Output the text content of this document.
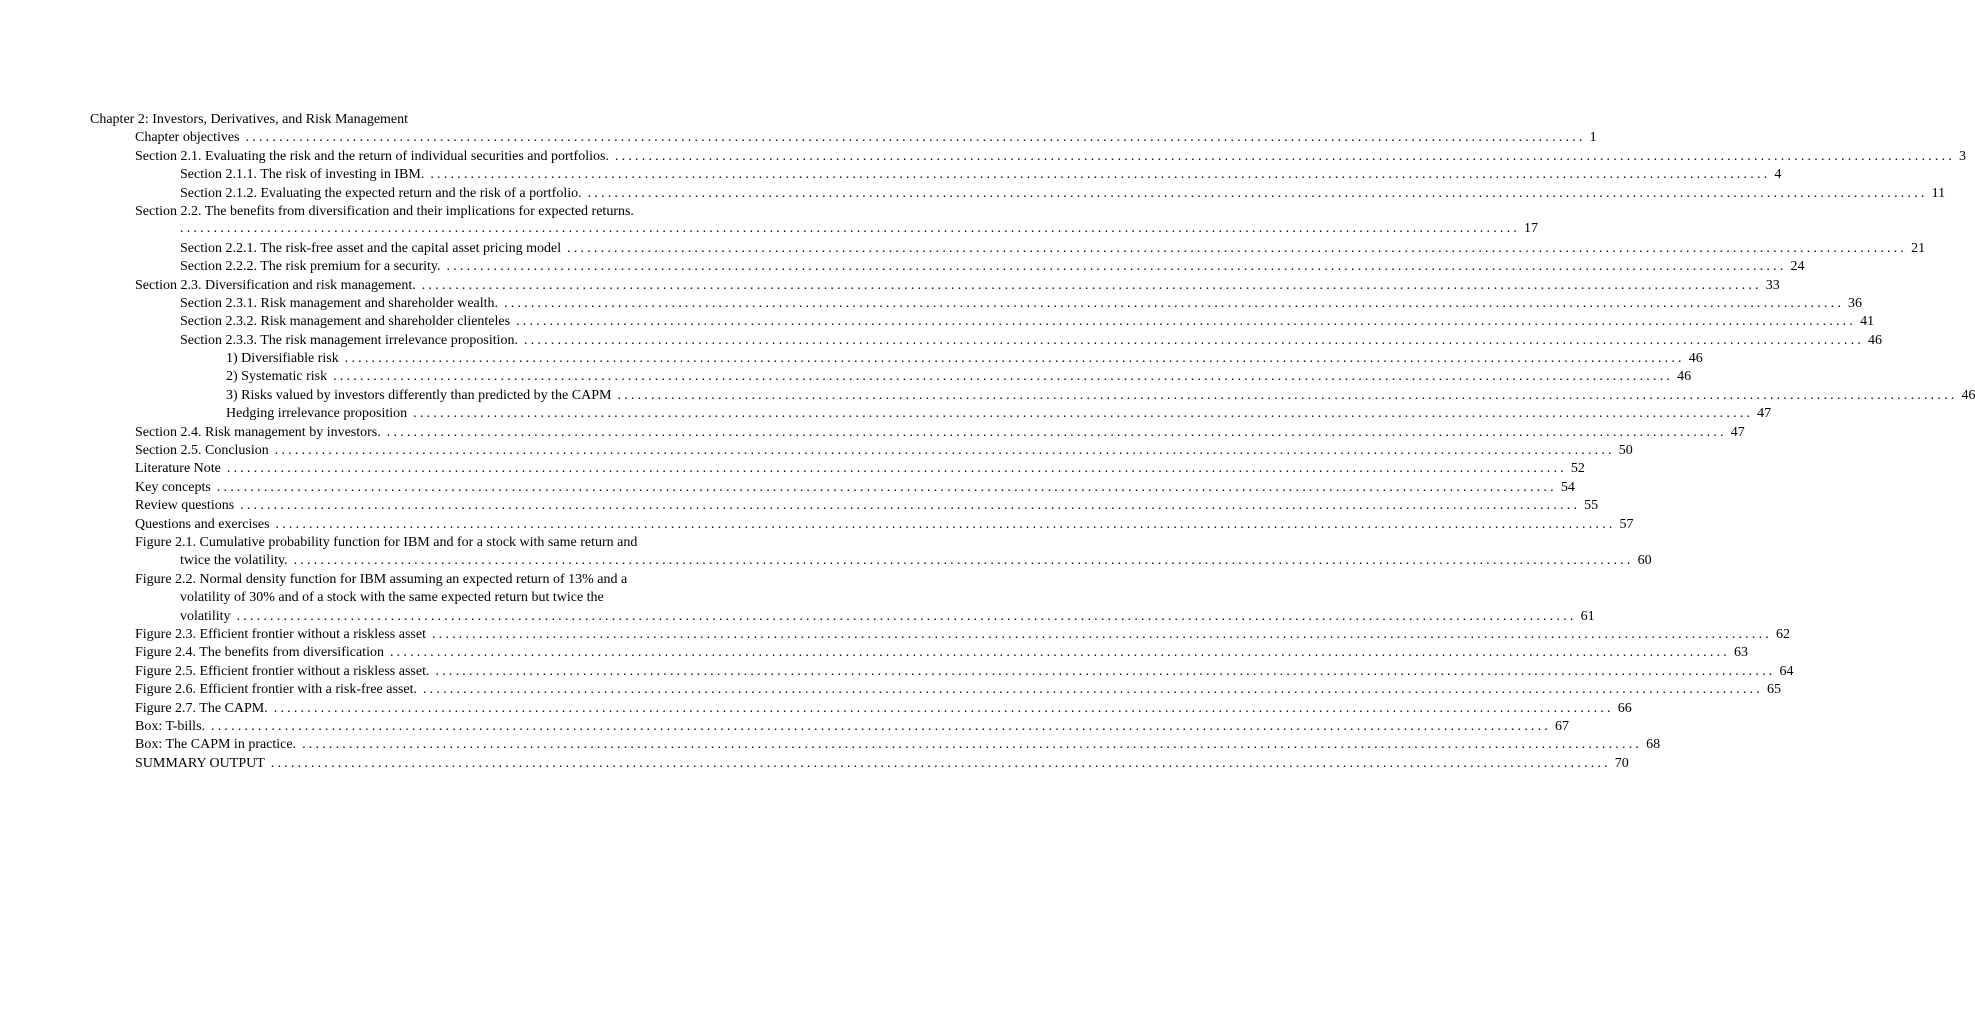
Chapter 2: Investors, Derivatives, and Risk Management
Chapter objectives ........................................................................................................................................................................................................ 1
Section 2.1. Evaluating the risk and the return of individual securities and portfolios. ........................................................................................................................................................................................................ 3
Section 2.1.1. The risk of investing in IBM. ........................................................................................................................................................................................................ 4
Section 2.1.2. Evaluating the expected return and the risk of a portfolio. ........................................................................................................................................................................................................ 11
Section 2.2. The benefits from diversification and their implications for expected returns.
........................................................................................................................................................................................................ 17
Section 2.2.1. The risk-free asset and the capital asset pricing model ........................................................................................................................................................................................................ 21
Section 2.2.2. The risk premium for a security. ........................................................................................................................................................................................................ 24
Section 2.3. Diversification and risk management. ........................................................................................................................................................................................................ 33
Section 2.3.1. Risk management and shareholder wealth. ........................................................................................................................................................................................................ 36
Section 2.3.2. Risk management and shareholder clienteles ........................................................................................................................................................................................................ 41
Section 2.3.3. The risk management irrelevance proposition. ........................................................................................................................................................................................................ 46
1) Diversifiable risk ........................................................................................................................................................................................................ 46
2) Systematic risk ........................................................................................................................................................................................................ 46
3) Risks valued by investors differently than predicted by the CAPM ........................................................................................................................................................................................................ 46
Hedging irrelevance proposition ........................................................................................................................................................................................................ 47
Section 2.4. Risk management by investors. ........................................................................................................................................................................................................ 47
Section 2.5. Conclusion ........................................................................................................................................................................................................ 50
Literature Note ........................................................................................................................................................................................................ 52
Key concepts ........................................................................................................................................................................................................ 54
Review questions ........................................................................................................................................................................................................ 55
Questions and exercises ........................................................................................................................................................................................................ 57
Figure 2.1. Cumulative probability function for IBM and for a stock with same return and
twice the volatility. ........................................................................................................................................................................................................ 60
Figure 2.2. Normal density function for IBM assuming an expected return of 13% and a
volatility of 30% and of a stock with the same expected return but twice the
volatility ........................................................................................................................................................................................................ 61
Figure 2.3. Efficient frontier without a riskless asset ........................................................................................................................................................................................................ 62
Figure 2.4. The benefits from diversification ........................................................................................................................................................................................................ 63
Figure 2.5. Efficient frontier without a riskless asset. ........................................................................................................................................................................................................ 64
Figure 2.6. Efficient frontier with a risk-free asset. ........................................................................................................................................................................................................ 65
Figure 2.7. The CAPM. ........................................................................................................................................................................................................ 66
Box: T-bills. ........................................................................................................................................................................................................ 67
Box: The CAPM in practice. ........................................................................................................................................................................................................ 68
SUMMARY OUTPUT ........................................................................................................................................................................................................ 70
